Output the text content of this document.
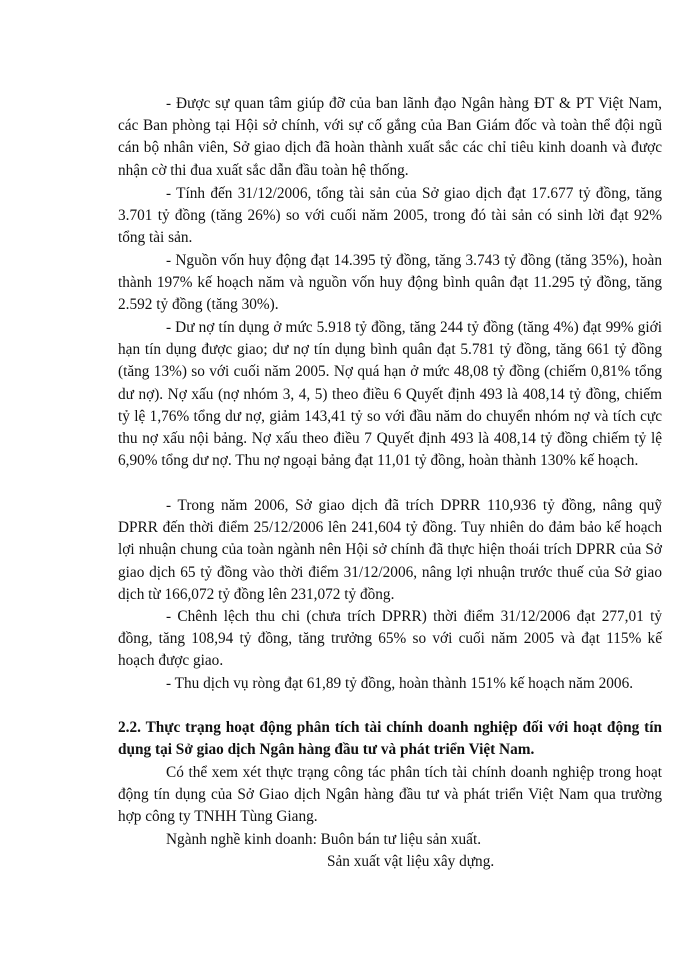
- Được sự quan tâm giúp đỡ của ban lãnh đạo Ngân hàng ĐT & PT Việt Nam, các Ban phòng tại Hội sở chính, với sự cố gắng của Ban Giám đốc và toàn thể đội ngũ cán bộ nhân viên, Sở giao dịch đã hoàn thành xuất sắc các chỉ tiêu kinh doanh và được nhận cờ thi đua xuất sắc dẫn đầu toàn hệ thống.

- Tính đến 31/12/2006, tổng tài sản của Sở giao dịch đạt 17.677 tỷ đồng, tăng 3.701 tỷ đồng (tăng 26%) so với cuối năm 2005, trong đó tài sản có sinh lời đạt 92% tổng tài sản.

- Nguồn vốn huy động đạt 14.395 tỷ đồng, tăng 3.743 tỷ đồng (tăng 35%), hoàn thành 197% kế hoạch năm và nguồn vốn huy động bình quân đạt 11.295 tỷ đồng, tăng 2.592 tỷ đồng (tăng 30%).

- Dư nợ tín dụng ở mức 5.918 tỷ đồng, tăng 244 tỷ đồng (tăng 4%) đạt 99% giới hạn tín dụng được giao; dư nợ tín dụng bình quân đạt 5.781 tỷ đồng, tăng 661 tỷ đồng (tăng 13%) so với cuối năm 2005. Nợ quá hạn ở mức 48,08 tỷ đồng (chiếm 0,81% tổng dư nợ). Nợ xấu (nợ nhóm 3, 4, 5) theo điều 6 Quyết định 493 là 408,14 tỷ đồng, chiếm tỷ lệ 1,76% tổng dư nợ, giảm 143,41 tỷ so với đầu năm do chuyển nhóm nợ và tích cực thu nợ xấu nội bảng. Nợ xấu theo điều 7 Quyết định 493 là 408,14 tỷ đồng chiếm tỷ lệ 6,90% tổng dư nợ. Thu nợ ngoại bảng đạt 11,01 tỷ đồng, hoàn thành 130% kế hoạch.

- Trong năm 2006, Sở giao dịch đã trích DPRR 110,936 tỷ đồng, nâng quỹ DPRR đến thời điểm 25/12/2006 lên 241,604 tỷ đồng. Tuy nhiên do đảm bảo kế hoạch lợi nhuận chung của toàn ngành nên Hội sở chính đã thực hiện thoái trích DPRR của Sở giao dịch 65 tỷ đồng vào thời điểm 31/12/2006, nâng lợi nhuận trước thuế của Sở giao dịch từ 166,072 tỷ đồng lên 231,072 tỷ đồng.

- Chênh lệch thu chi (chưa trích DPRR) thời điểm 31/12/2006 đạt 277,01 tỷ đồng, tăng 108,94 tỷ đồng, tăng trưởng 65% so với cuối năm 2005 và đạt 115% kế hoạch được giao.

- Thu dịch vụ ròng đạt 61,89 tỷ đồng, hoàn thành 151% kế hoạch năm 2006.

2.2. Thực trạng hoạt động phân tích tài chính doanh nghiệp đối với hoạt động tín dụng tại Sở giao dịch Ngân hàng đầu tư và phát triển Việt Nam.

Có thể xem xét thực trạng công tác phân tích tài chính doanh nghiệp trong hoạt động tín dụng của Sở Giao dịch Ngân hàng đầu tư và phát triển Việt Nam qua trường hợp công ty TNHH Tùng Giang.

Ngành nghề kinh doanh: Buôn bán tư liệu sản xuất.

Sản xuất vật liệu xây dựng.
